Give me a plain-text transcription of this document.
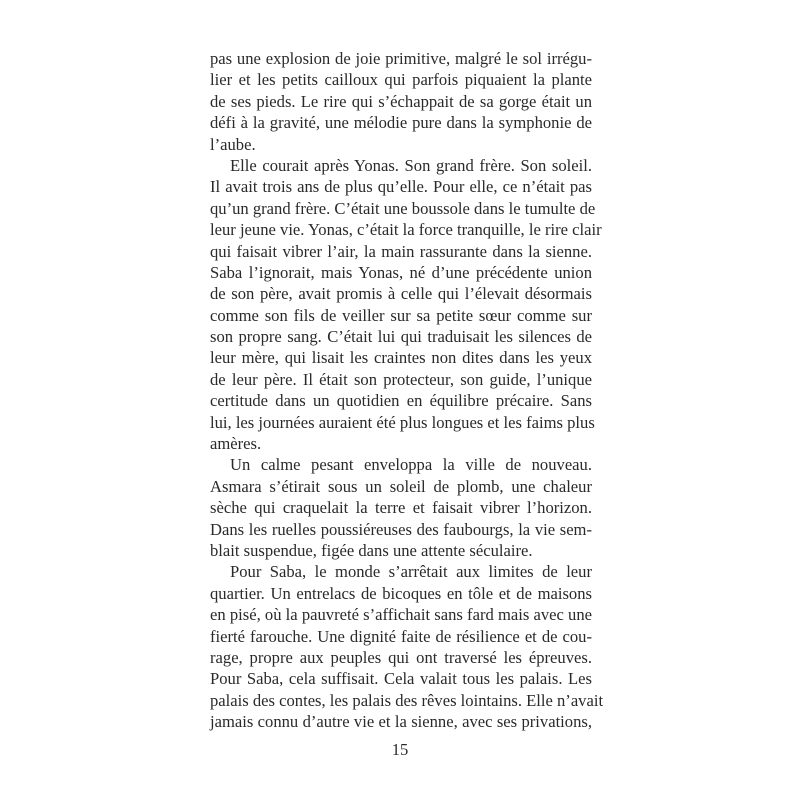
pas une explosion de joie primitive, malgré le sol irrégu-
lier et les petits cailloux qui parfois piquaient la plante
de ses pieds. Le rire qui s’échappait de sa gorge était un
défi à la gravité, une mélodie pure dans la symphonie de
l’aube.
Elle courait après Yonas. Son grand frère. Son soleil.
Il avait trois ans de plus qu’elle. Pour elle, ce n’était pas
qu’un grand frère. C’était une boussole dans le tumulte de
leur jeune vie. Yonas, c’était la force tranquille, le rire clair
qui faisait vibrer l’air, la main rassurante dans la sienne.
Saba l’ignorait, mais Yonas, né d’une précédente union
de son père, avait promis à celle qui l’élevait désormais
comme son fils de veiller sur sa petite sœur comme sur
son propre sang. C’était lui qui traduisait les silences de
leur mère, qui lisait les craintes non dites dans les yeux
de leur père. Il était son protecteur, son guide, l’unique
certitude dans un quotidien en équilibre précaire. Sans
lui, les journées auraient été plus longues et les faims plus
amères.
Un calme pesant enveloppa la ville de nouveau.
Asmara s’étirait sous un soleil de plomb, une chaleur
sèche qui craquelait la terre et faisait vibrer l’horizon.
Dans les ruelles poussiéreuses des faubourgs, la vie sem-
blait suspendue, figée dans une attente séculaire.
Pour Saba, le monde s’arrêtait aux limites de leur
quartier. Un entrelacs de bicoques en tôle et de maisons
en pisé, où la pauvreté s’affichait sans fard mais avec une
fierté farouche. Une dignité faite de résilience et de cou-
rage, propre aux peuples qui ont traversé les épreuves.
Pour Saba, cela suffisait. Cela valait tous les palais. Les
palais des contes, les palais des rêves lointains. Elle n’avait
jamais connu d’autre vie et la sienne, avec ses privations,
15
